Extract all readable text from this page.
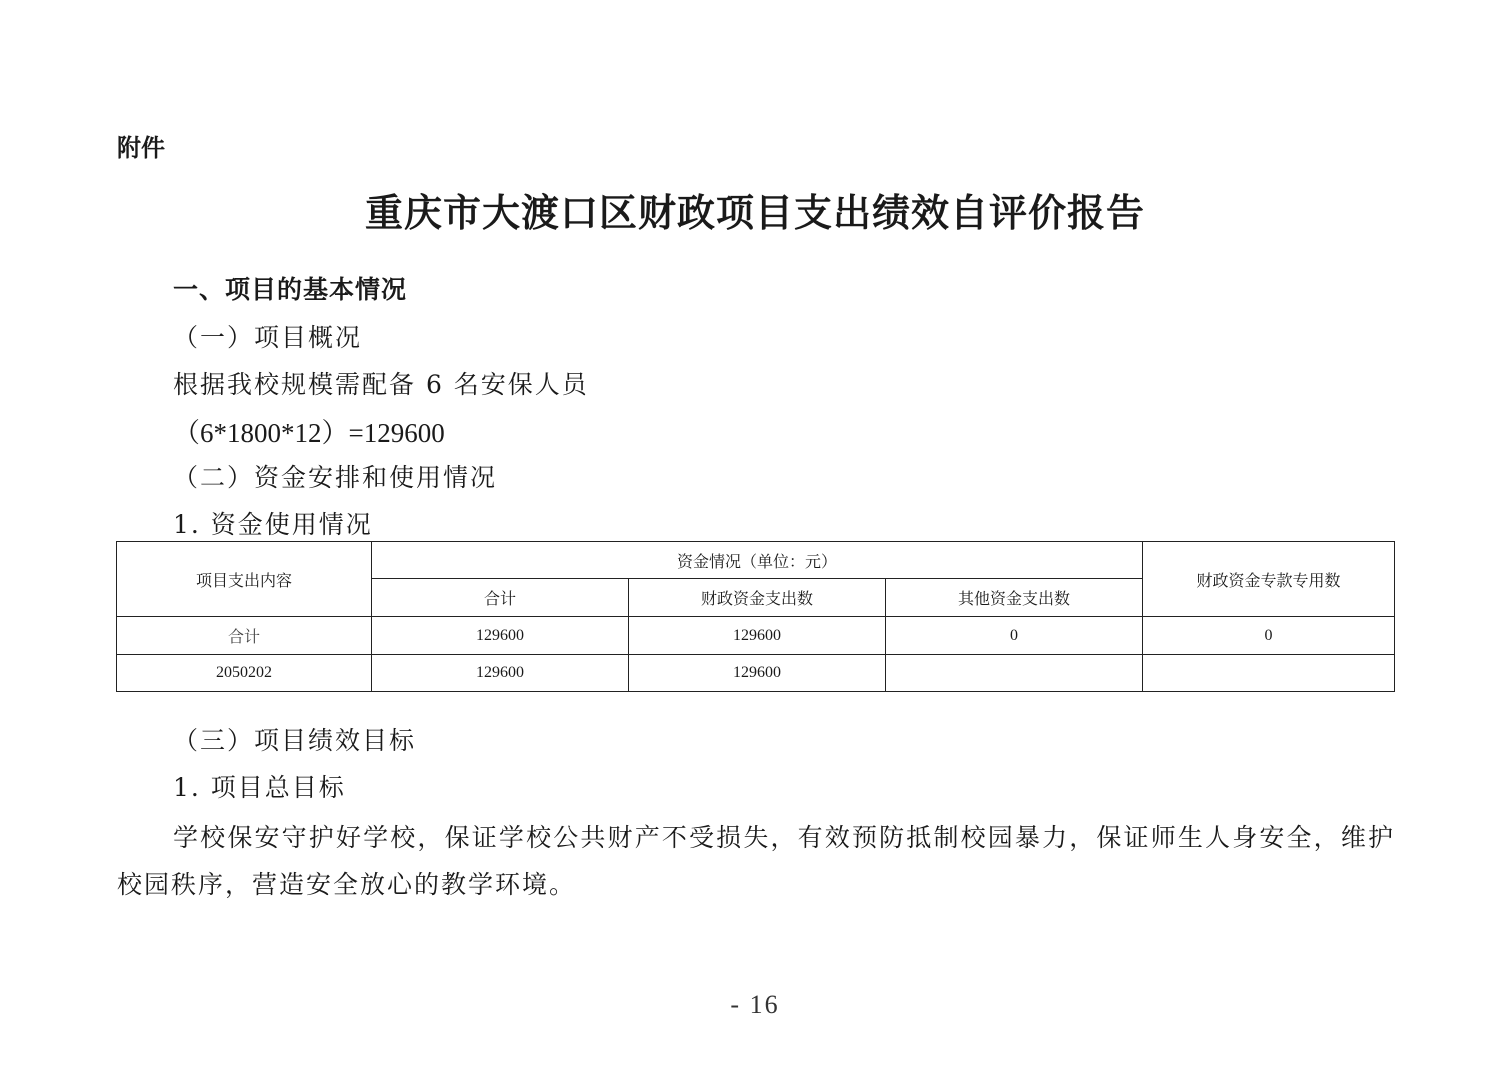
附件
重庆市大渡口区财政项目支出绩效自评价报告
一、项目的基本情况
（一）项目概况
根据我校规模需配备 6 名安保人员
（6*1800*12）=129600
（二）资金安排和使用情况
1. 资金使用情况
项目支出内容	资金情况（单位：元）			财政资金专款专用数
	合计	财政资金支出数	其他资金支出数	
合计	129600	129600	0	0
2050202	129600	129600		
（三）项目绩效目标
1. 项目总目标
学校保安守护好学校，保证学校公共财产不受损失，有效预防抵制校园暴力，保证师生人身安全，维护校园秩序，营造安全放心的教学环境。
- 16
